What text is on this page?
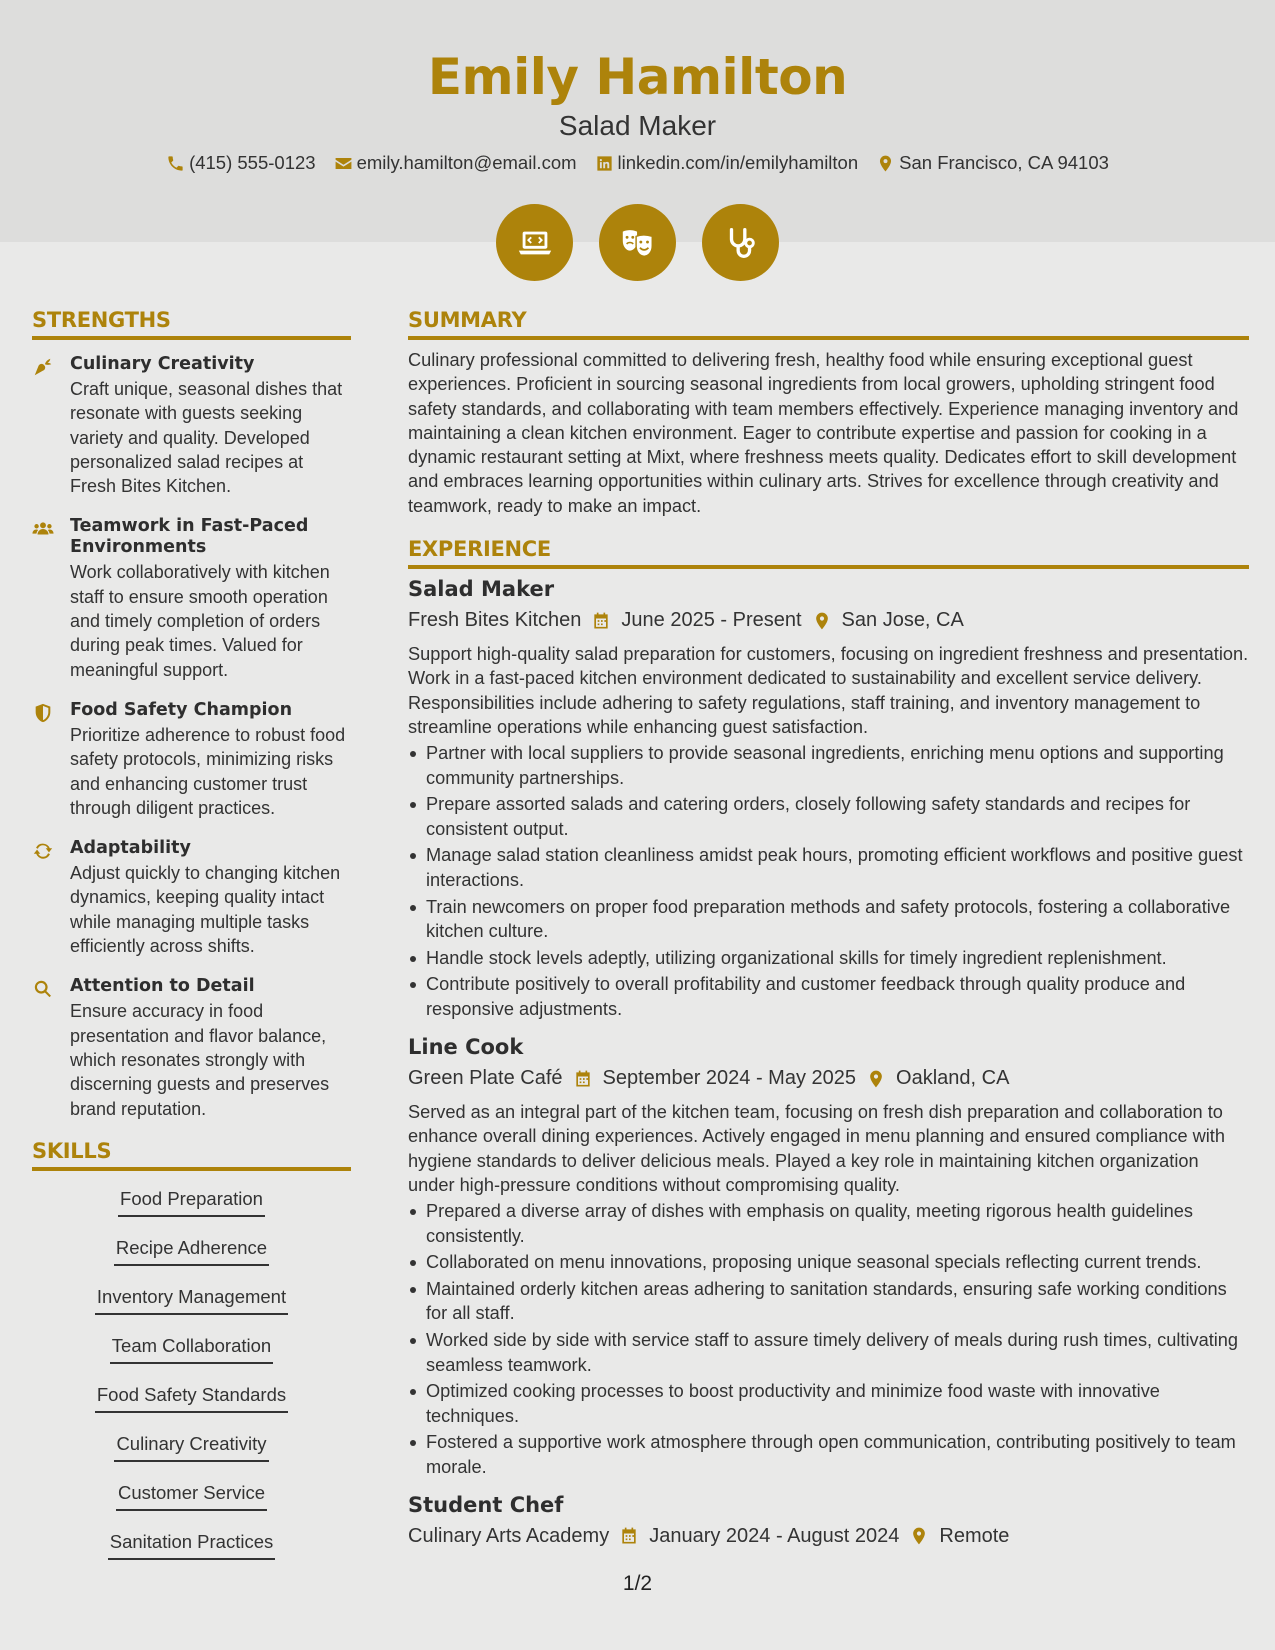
Emily Hamilton
Salad Maker
(415) 555-0123 emily.hamilton@email.com linkedin.com/in/emilyhamilton San Francisco, CA 94103
STRENGTHS
Culinary Creativity
Craft unique, seasonal dishes that resonate with guests seeking variety and quality. Developed personalized salad recipes at Fresh Bites Kitchen.
Teamwork in Fast-Paced Environments
Work collaboratively with kitchen staff to ensure smooth operation and timely completion of orders during peak times. Valued for meaningful support.
Food Safety Champion
Prioritize adherence to robust food safety protocols, minimizing risks and enhancing customer trust through diligent practices.
Adaptability
Adjust quickly to changing kitchen dynamics, keeping quality intact while managing multiple tasks efficiently across shifts.
Attention to Detail
Ensure accuracy in food presentation and flavor balance, which resonates strongly with discerning guests and preserves brand reputation.
SKILLS
Food Preparation
Recipe Adherence
Inventory Management
Team Collaboration
Food Safety Standards
Culinary Creativity
Customer Service
Sanitation Practices
SUMMARY
Culinary professional committed to delivering fresh, healthy food while ensuring exceptional guest experiences. Proficient in sourcing seasonal ingredients from local growers, upholding stringent food safety standards, and collaborating with team members effectively. Experience managing inventory and maintaining a clean kitchen environment. Eager to contribute expertise and passion for cooking in a dynamic restaurant setting at Mixt, where freshness meets quality. Dedicates effort to skill development and embraces learning opportunities within culinary arts. Strives for excellence through creativity and teamwork, ready to make an impact.
EXPERIENCE
Salad Maker
Fresh Bites Kitchen June 2025 - Present San Jose, CA
Support high-quality salad preparation for customers, focusing on ingredient freshness and presentation. Work in a fast-paced kitchen environment dedicated to sustainability and excellent service delivery. Responsibilities include adhering to safety regulations, staff training, and inventory management to streamline operations while enhancing guest satisfaction.
Partner with local suppliers to provide seasonal ingredients, enriching menu options and supporting community partnerships.
Prepare assorted salads and catering orders, closely following safety standards and recipes for consistent output.
Manage salad station cleanliness amidst peak hours, promoting efficient workflows and positive guest interactions.
Train newcomers on proper food preparation methods and safety protocols, fostering a collaborative kitchen culture.
Handle stock levels adeptly, utilizing organizational skills for timely ingredient replenishment.
Contribute positively to overall profitability and customer feedback through quality produce and responsive adjustments.
Line Cook
Green Plate Café September 2024 - May 2025 Oakland, CA
Served as an integral part of the kitchen team, focusing on fresh dish preparation and collaboration to enhance overall dining experiences. Actively engaged in menu planning and ensured compliance with hygiene standards to deliver delicious meals. Played a key role in maintaining kitchen organization under high-pressure conditions without compromising quality.
Prepared a diverse array of dishes with emphasis on quality, meeting rigorous health guidelines consistently.
Collaborated on menu innovations, proposing unique seasonal specials reflecting current trends.
Maintained orderly kitchen areas adhering to sanitation standards, ensuring safe working conditions for all staff.
Worked side by side with service staff to assure timely delivery of meals during rush times, cultivating seamless teamwork.
Optimized cooking processes to boost productivity and minimize food waste with innovative techniques.
Fostered a supportive work atmosphere through open communication, contributing positively to team morale.
Student Chef
Culinary Arts Academy January 2024 - August 2024 Remote
1/2
